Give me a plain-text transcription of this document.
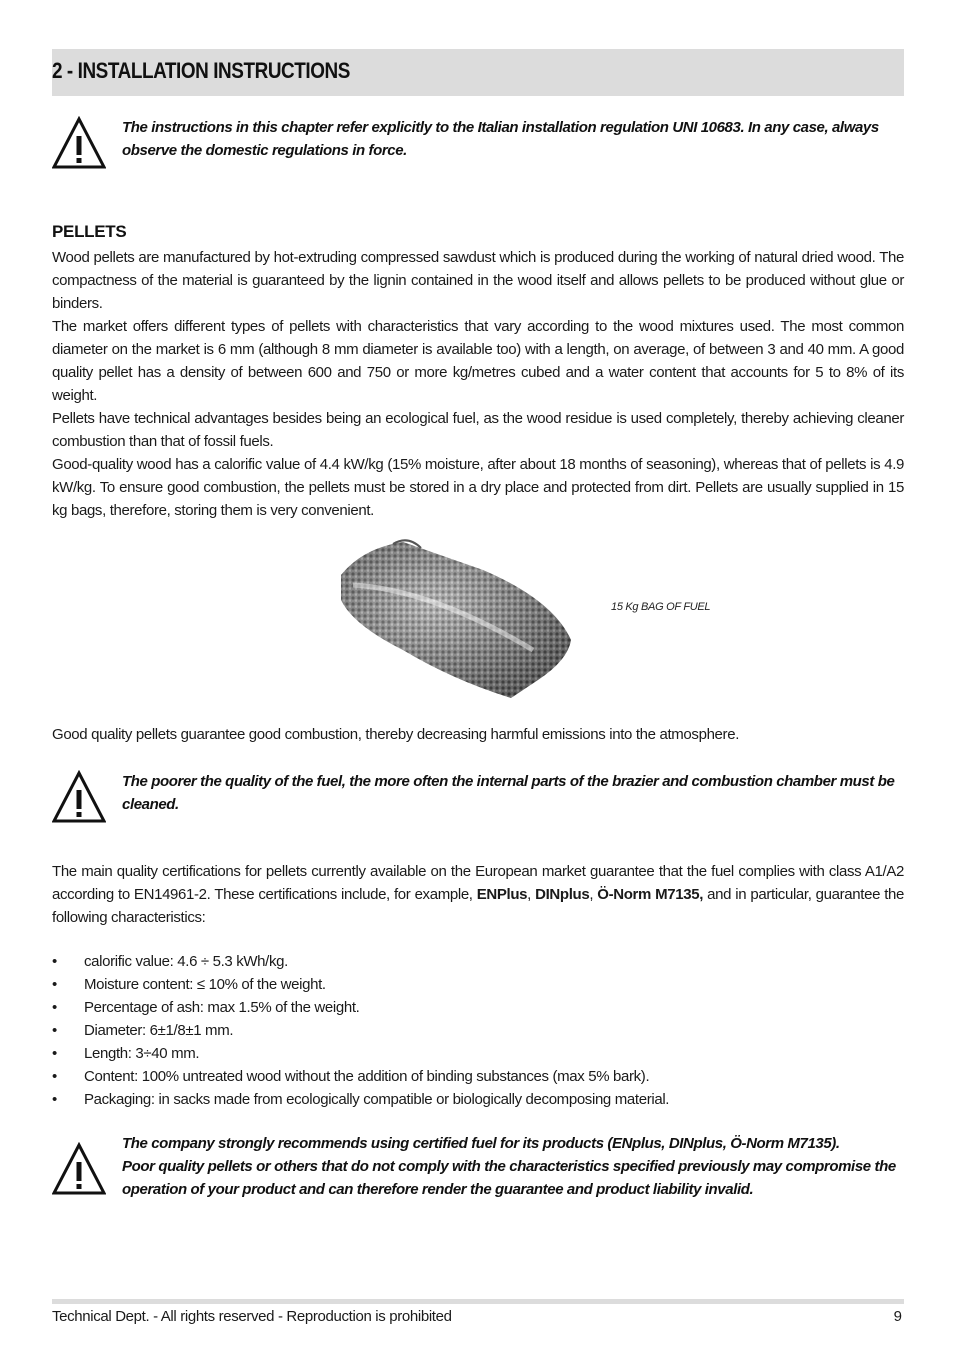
2 - INSTALLATION INSTRUCTIONS
The instructions in this chapter refer explicitly to the Italian installation regulation UNI 10683. In any case, always observe the domestic regulations in force.
PELLETS

Wood pellets are manufactured by hot-extruding compressed sawdust which is produced during the working of natural dried wood. The compactness of the material is guaranteed by the lignin contained in the wood itself and allows pellets to be produced without glue or binders.

The market offers different types of pellets with characteristics that vary according to the wood mixtures used. The most common diameter on the market is 6 mm (although 8 mm diameter is available too) with a length, on average, of between 3 and 40 mm. A good quality pellet has a density of between 600 and 750 or more kg/metres cubed and a water content that accounts for 5 to 8% of its weight.

Pellets have technical advantages besides being an ecological fuel, as the wood residue is used completely, thereby achieving cleaner combustion than that of fossil fuels.

Good-quality wood has a calorific value of 4.4 kW/kg (15% moisture, after about 18 months of seasoning), whereas that of pellets is 4.9 kW/kg. To ensure good combustion, the pellets must be stored in a dry place and protected from dirt. Pellets are usually supplied in 15 kg bags, therefore, storing them is very convenient.

15 Kg BAG OF FUEL

Good quality pellets guarantee good combustion, thereby decreasing harmful emissions into the atmosphere.

The poorer the quality of the fuel, the more often the internal parts of the brazier and combustion chamber must be cleaned.

The main quality certifications for pellets currently available on the European market guarantee that the fuel complies with class A1/A2 according to EN14961-2. These certifications include, for example, ENPlus, DINplus, Ö-Norm M7135, and in particular, guarantee the following characteristics:

• calorific value: 4.6 ÷ 5.3 kWh/kg.
• Moisture content: ≤ 10% of the weight.
• Percentage of ash: max 1.5% of the weight.
• Diameter: 6±1/8±1 mm.
• Length: 3÷40 mm.
• Content: 100% untreated wood without the addition of binding substances (max 5% bark).
• Packaging: in sacks made from ecologically compatible or biologically decomposing material.
The company strongly recommends using certified fuel for its products (ENplus, DINplus, Ö-Norm M7135).
Poor quality pellets or others that do not comply with the characteristics specified previously may compromise the operation of your product and can therefore render the guarantee and product liability invalid.
Technical Dept. - All rights reserved - Reproduction is prohibited	9
